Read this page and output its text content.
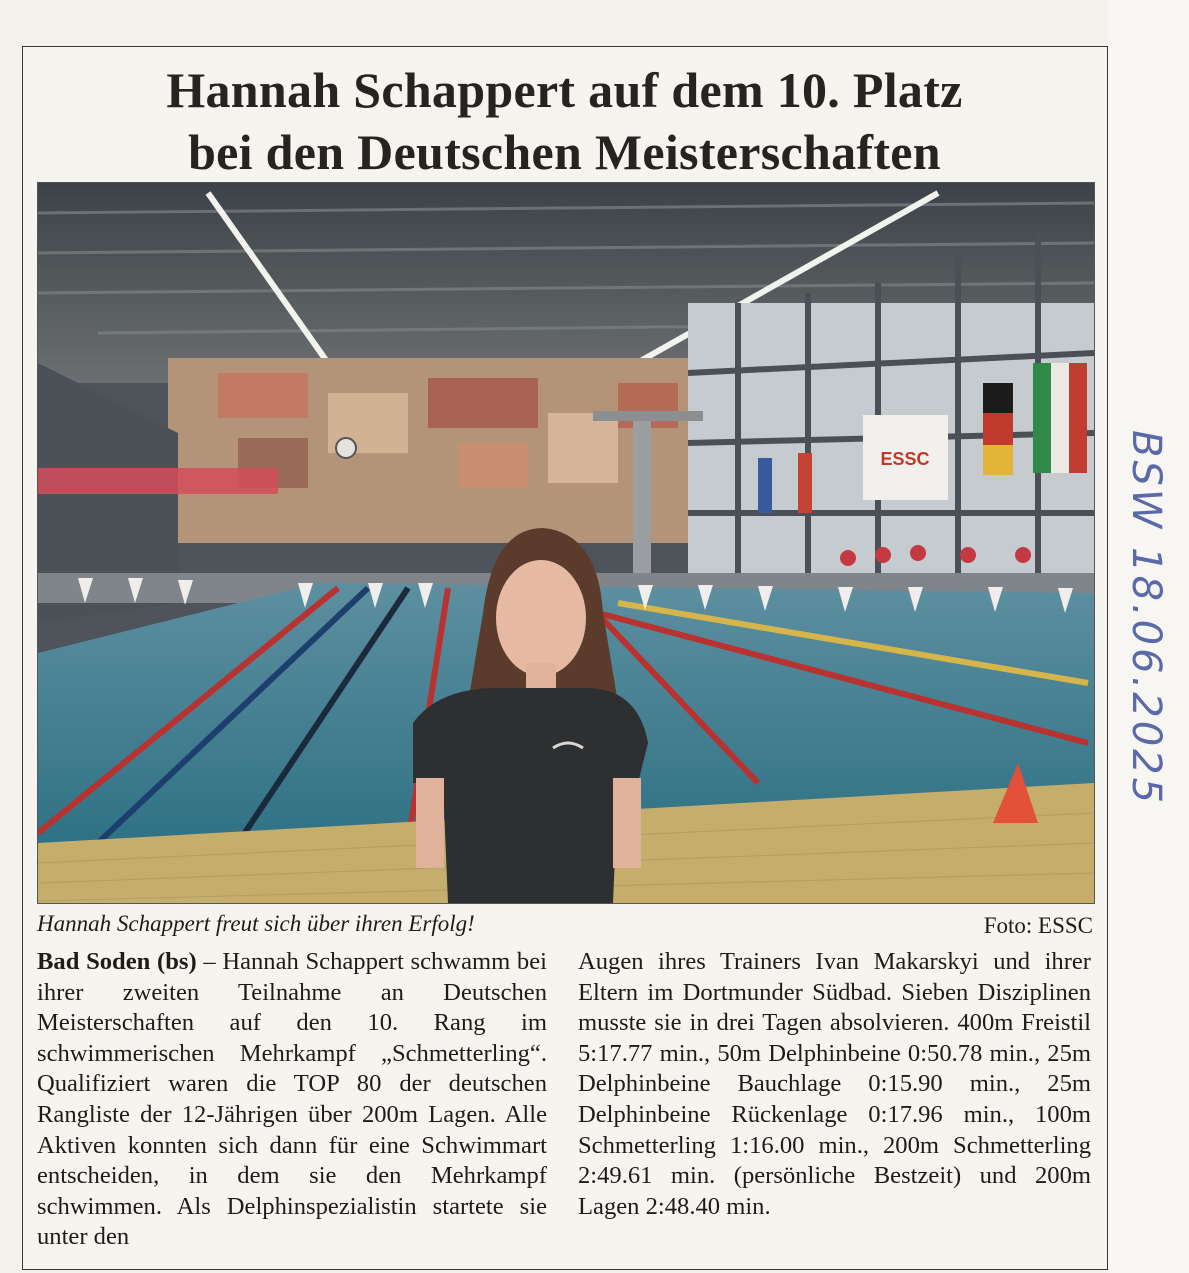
Hannah Schappert auf dem 10. Platz
bei den Deutschen Meisterschaften
ESSC
Hannah Schappert freut sich über ihren Erfolg!	Foto: ESSC
Bad Soden (bs) – Hannah Schappert schwamm bei ihrer zweiten Teilnahme an Deutschen Meisterschaften auf den 10. Rang im schwimmerischen Mehrkampf „Schmetterling“. Qualifiziert waren die TOP 80 der deutschen Rangliste der 12-Jährigen über 200m Lagen. Alle Aktiven konnten sich dann für eine Schwimmart entscheiden, in dem sie den Mehrkampf schwimmen. Als Delphinspezialistin startete sie unter den
Augen ihres Trainers Ivan Makarskyi und ihrer Eltern im Dortmunder Südbad. Sieben Disziplinen musste sie in drei Tagen absolvieren. 400m Freistil 5:17.77 min., 50m Delphinbeine 0:50.78 min., 25m Delphinbeine Bauchlage 0:15.90 min., 25m Delphinbeine Rückenlage 0:17.96 min., 100m Schmetterling 1:16.00 min., 200m Schmetterling 2:49.61 min. (persönliche Bestzeit) und 200m Lagen 2:48.40 min.
BSW 18.06.2025
